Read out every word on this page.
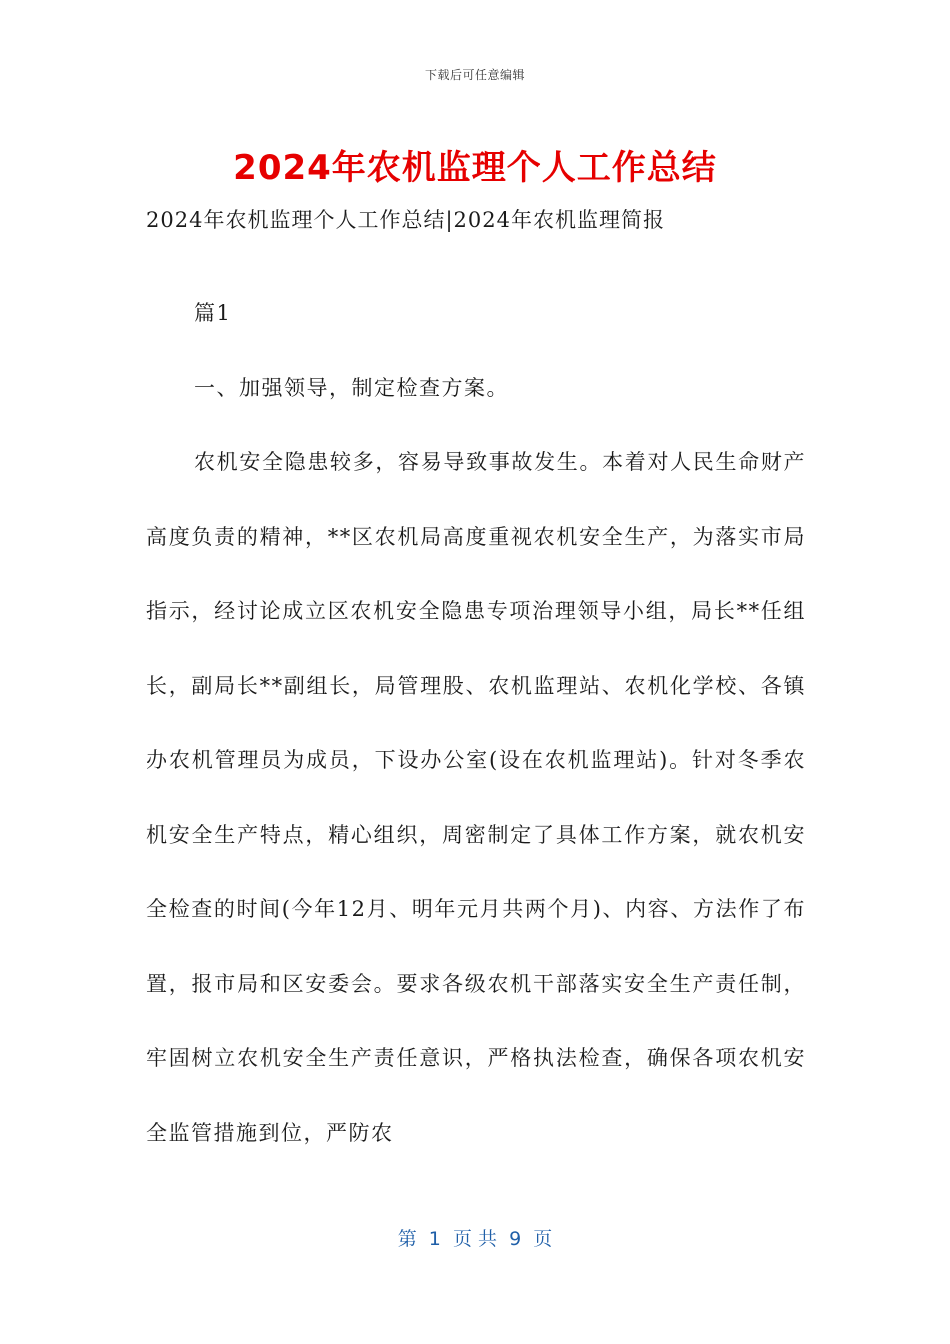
下载后可任意编辑
2024年农机监理个人工作总结
2024年农机监理个人工作总结|2024年农机监理简报

篇1

一、加强领导，制定检查方案。

农机安全隐患较多，容易导致事故发生。本着对人民生命财产高度负责的精神，**区农机局高度重视农机安全生产，为落实市局指示，经讨论成立区农机安全隐患专项治理领导小组，局长**任组长，副局长**副组长，局管理股、农机监理站、农机化学校、各镇办农机管理员为成员，下设办公室(设在农机监理站)。针对冬季农机安全生产特点，精心组织，周密制定了具体工作方案，就农机安全检查的时间(今年12月、明年元月共两个月)、内容、方法作了布置，报市局和区安委会。要求各级农机干部落实安全生产责任制，牢固树立农机安全生产责任意识，严格执法检查，确保各项农机安全监管措施到位，严防农

第  1  页 共  9  页
